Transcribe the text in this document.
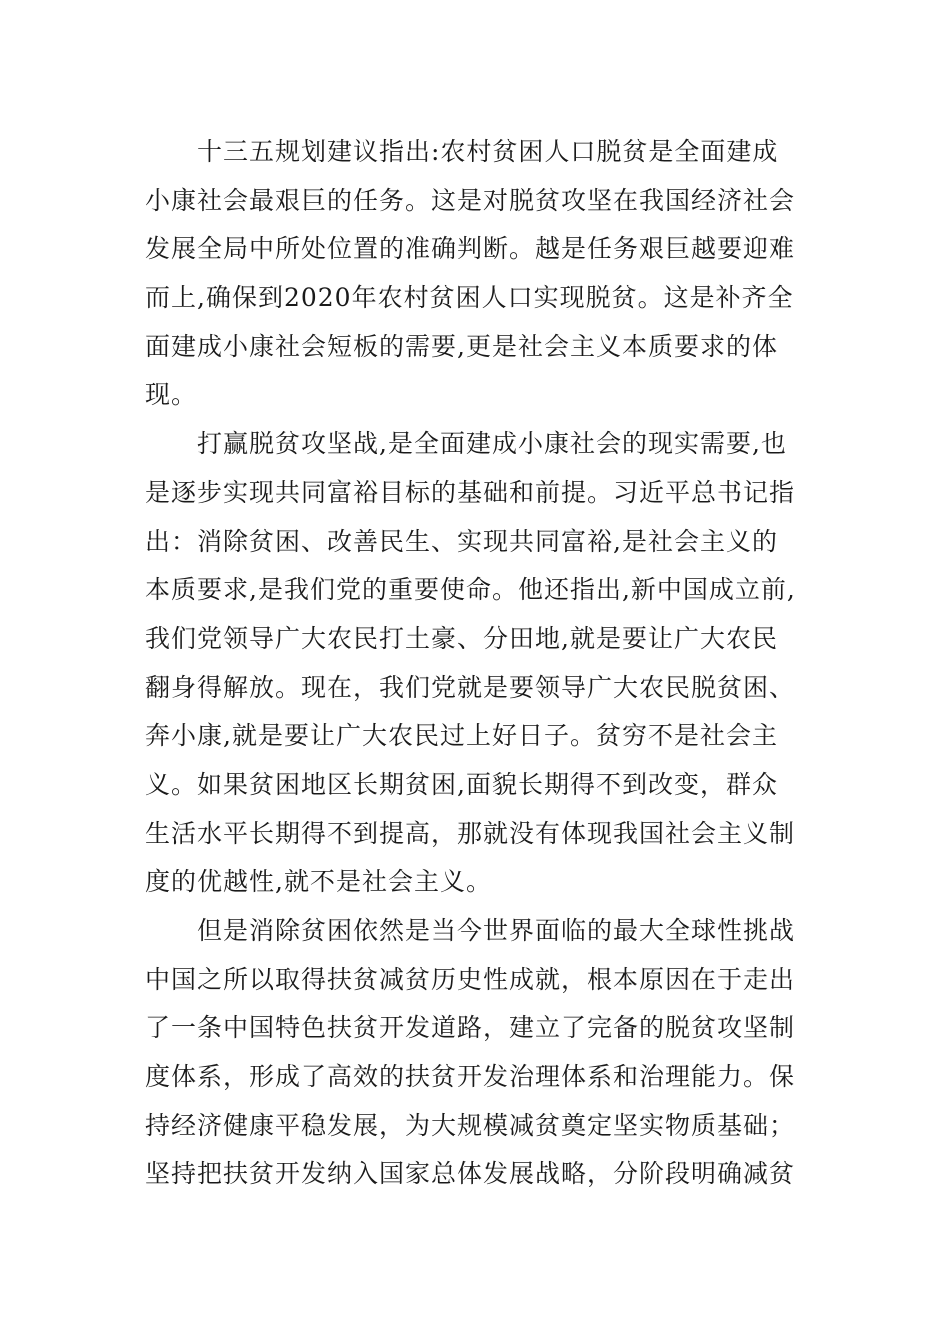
十三五规划建议指出:农村贫困人口脱贫是全面建成
小康社会最艰巨的任务。这是对脱贫攻坚在我国经济社会
发展全局中所处位置的准确判断。越是任务艰巨越要迎难
而上,确保到2020年农村贫困人口实现脱贫。这是补齐全
面建成小康社会短板的需要,更是社会主义本质要求的体
现。
打赢脱贫攻坚战,是全面建成小康社会的现实需要,也
是逐步实现共同富裕目标的基础和前提。习近平总书记指
出：消除贫困、改善民生、实现共同富裕,是社会主义的
本质要求,是我们党的重要使命。他还指出,新中国成立前,
我们党领导广大农民打土豪、分田地,就是要让广大农民
翻身得解放。现在，我们党就是要领导广大农民脱贫困、
奔小康,就是要让广大农民过上好日子。贫穷不是社会主
义。如果贫困地区长期贫困,面貌长期得不到改变，群众
生活水平长期得不到提高，那就没有体现我国社会主义制
度的优越性,就不是社会主义。
但是消除贫困依然是当今世界面临的最大全球性挑战
中国之所以取得扶贫减贫历史性成就，根本原因在于走出
了一条中国特色扶贫开发道路，建立了完备的脱贫攻坚制
度体系，形成了高效的扶贫开发治理体系和治理能力。保
持经济健康平稳发展，为大规模减贫奠定坚实物质基础；
坚持把扶贫开发纳入国家总体发展战略，分阶段明确减贫
